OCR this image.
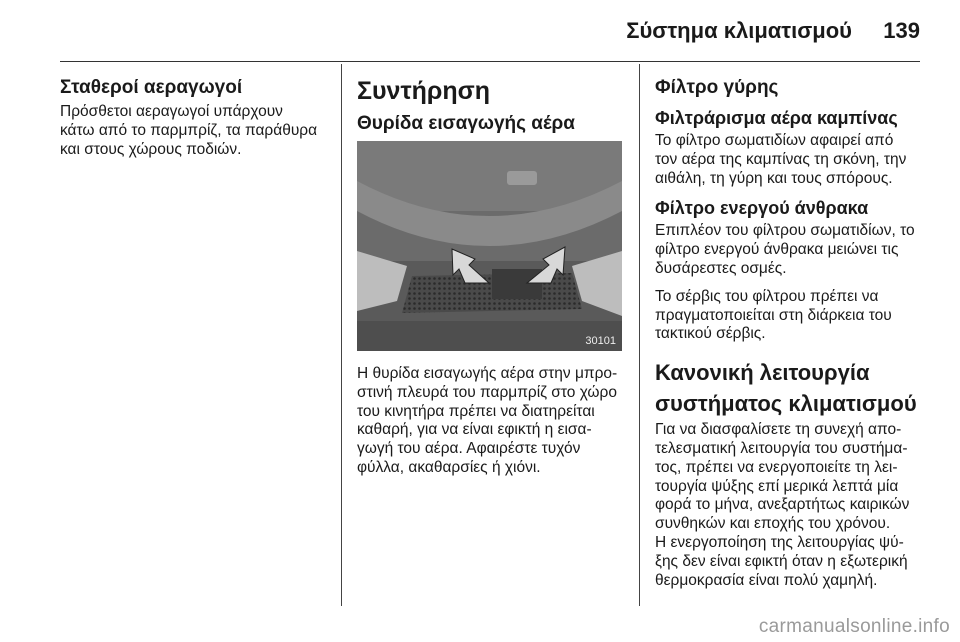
Σύστημα κλιματισμού 139
Σταθεροί αεραγωγοί
Πρόσθετοι αεραγωγοί υπάρχουν
κάτω από το παρμπρίζ, τα παράθυρα
και στους χώρους ποδιών.
Συντήρηση
Θυρίδα εισαγωγής αέρα
30101
Η θυρίδα εισαγωγής αέρα στην μπρο-
στινή πλευρά του παρμπρίζ στο χώρο
του κινητήρα πρέπει να διατηρείται
καθαρή, για να είναι εφικτή η εισα-
γωγή του αέρα. Αφαιρέστε τυχόν
φύλλα, ακαθαρσίες ή χιόνι.
Φίλτρο γύρης
Φιλτράρισμα αέρα καμπίνας
Το φίλτρο σωματιδίων αφαιρεί από
τον αέρα της καμπίνας τη σκόνη, την
αιθάλη, τη γύρη και τους σπόρους.
Φίλτρο ενεργού άνθρακα
Επιπλέον του φίλτρου σωματιδίων, το
φίλτρο ενεργού άνθρακα μειώνει τις
δυσάρεστες οσμές.
Το σέρβις του φίλτρου πρέπει να
πραγματοποιείται στη διάρκεια του
τακτικού σέρβις.
Κανονική λειτουργία
συστήματος κλιματισμού
Για να διασφαλίσετε τη συνεχή απο-
τελεσματική λειτουργία του συστήμα-
τος, πρέπει να ενεργοποιείτε τη λει-
τουργία ψύξης επί μερικά λεπτά μία
φορά το μήνα, ανεξαρτήτως καιρικών
συνθηκών και εποχής του χρόνου.
Η ενεργοποίηση της λειτουργίας ψύ-
ξης δεν είναι εφικτή όταν η εξωτερική
θερμοκρασία είναι πολύ χαμηλή.
carmanualsonline.info
